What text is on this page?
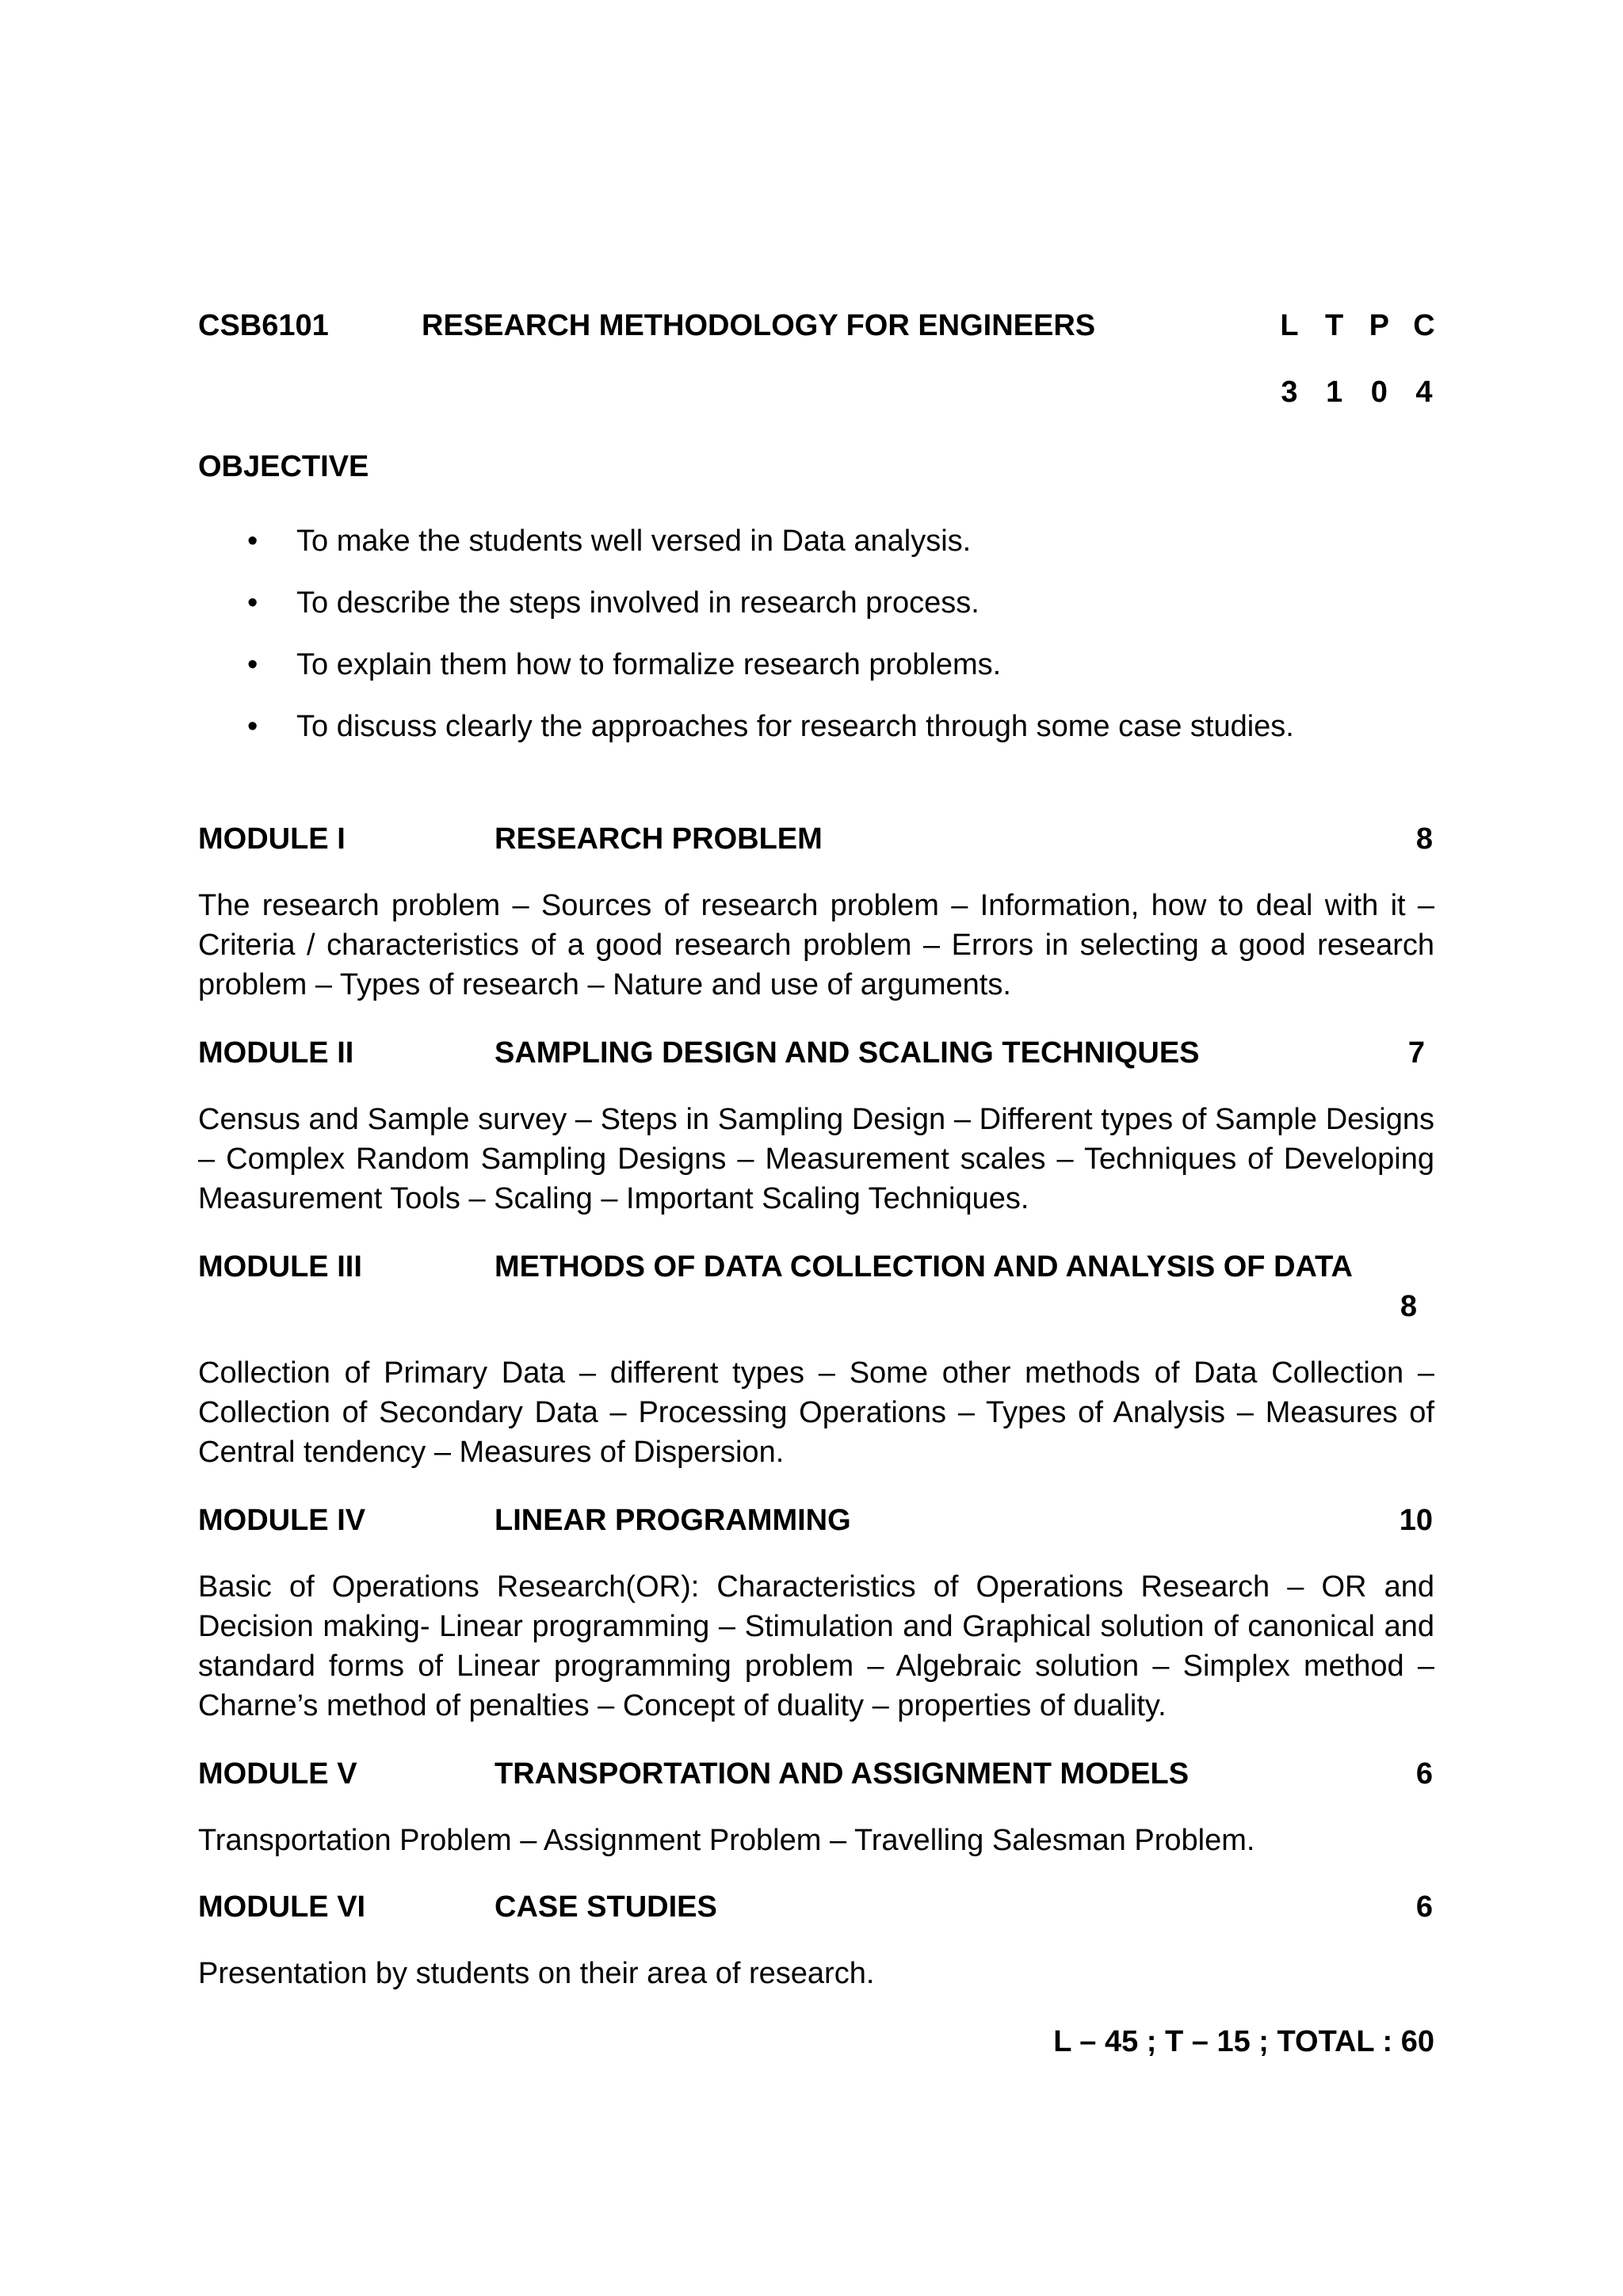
CSB6101	RESEARCH METHODOLOGY FOR ENGINEERS	L T P C
3 1 0 4
OBJECTIVE
• To make the students well versed in Data analysis.
• To describe the steps involved in research process.
• To explain them how to formalize research problems.
• To discuss clearly the approaches for research through some case studies.
MODULE I	RESEARCH PROBLEM	8

The research problem – Sources of research problem – Information, how to deal with it – Criteria / characteristics of a good research problem – Errors in selecting a good research problem – Types of research – Nature and use of arguments.

MODULE II	SAMPLING DESIGN AND SCALING TECHNIQUES	7

Census and Sample survey – Steps in Sampling Design – Different types of Sample Designs – Complex Random Sampling Designs – Measurement scales – Techniques of Developing Measurement Tools – Scaling – Important Scaling Techniques.

MODULE III	METHODS OF DATA COLLECTION AND ANALYSIS OF DATA
8

Collection of Primary Data – different types – Some other methods of Data Collection – Collection of Secondary Data – Processing Operations – Types of Analysis – Measures of Central tendency – Measures of Dispersion.

MODULE IV	LINEAR PROGRAMMING	10

Basic of Operations Research(OR): Characteristics of Operations Research – OR and Decision making- Linear programming – Stimulation and Graphical solution of canonical and standard forms of Linear programming problem – Algebraic solution – Simplex method – Charne’s method of penalties – Concept of duality – properties of duality.

MODULE V	TRANSPORTATION AND ASSIGNMENT MODELS	6

Transportation Problem – Assignment Problem – Travelling Salesman Problem.

MODULE VI	CASE STUDIES	6

Presentation by students on their area of research.

L – 45 ; T – 15 ; TOTAL : 60
